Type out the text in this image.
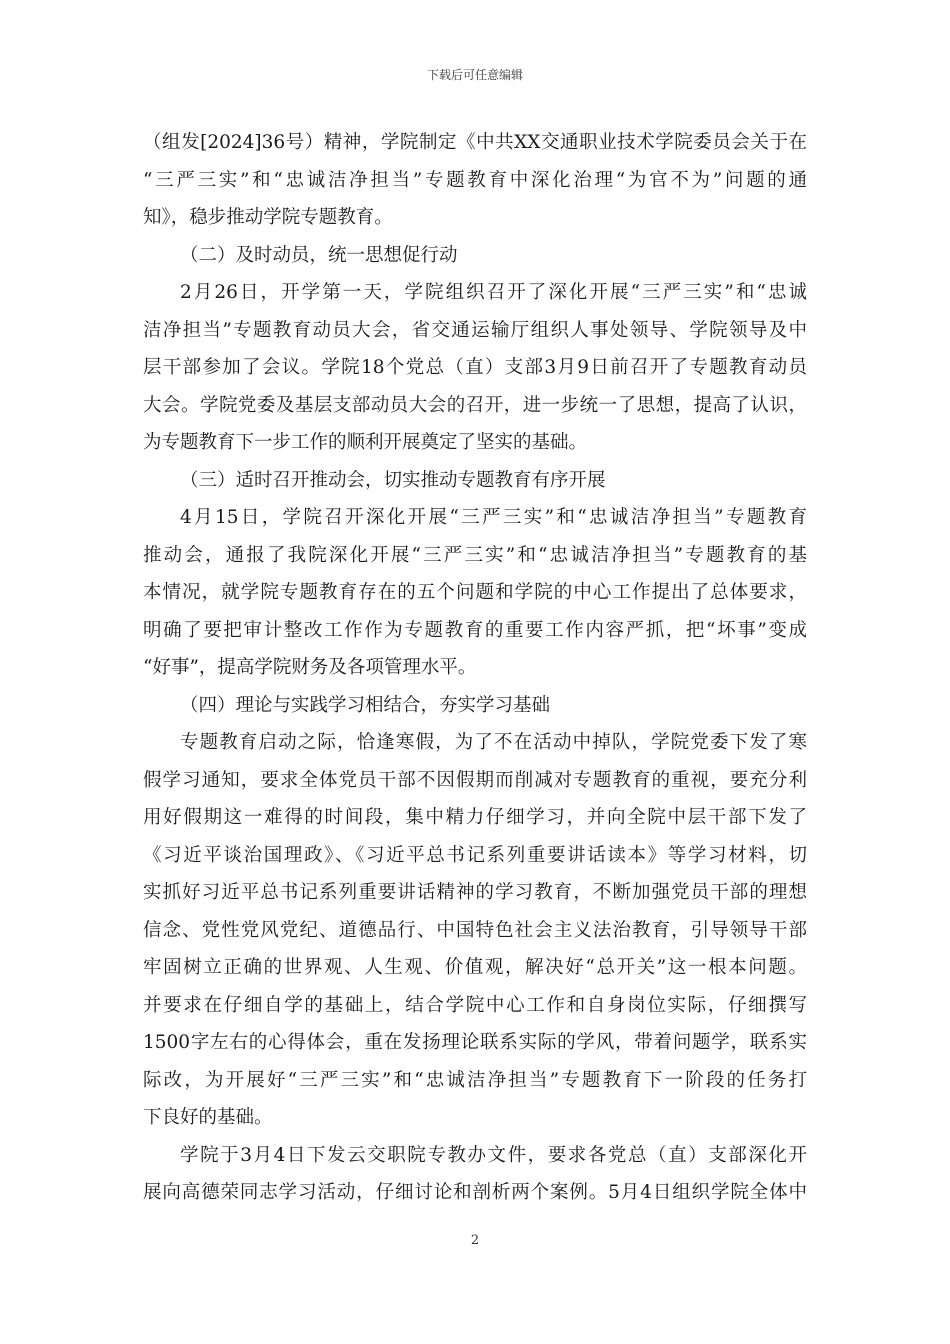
下载后可任意编辑
（组发[2024]36号）精神，学院制定《中共XX交通职业技术学院委员会关于在
“三严三实”和“忠诚洁净担当”专题教育中深化治理“为官不为”问题的通
知》，稳步推动学院专题教育。
（二）及时动员，统一思想促行动
2月26日，开学第一天，学院组织召开了深化开展“三严三实”和“忠诚
洁净担当”专题教育动员大会，省交通运输厅组织人事处领导、学院领导及中
层干部参加了会议。学院18个党总（直）支部3月9日前召开了专题教育动员
大会。学院党委及基层支部动员大会的召开，进一步统一了思想，提高了认识，
为专题教育下一步工作的顺利开展奠定了坚实的基础。
（三）适时召开推动会，切实推动专题教育有序开展
4月15日，学院召开深化开展“三严三实”和“忠诚洁净担当”专题教育
推动会，通报了我院深化开展“三严三实”和“忠诚洁净担当”专题教育的基
本情况，就学院专题教育存在的五个问题和学院的中心工作提出了总体要求，
明确了要把审计整改工作作为专题教育的重要工作内容严抓，把“坏事”变成
“好事”，提高学院财务及各项管理水平。
（四）理论与实践学习相结合，夯实学习基础
专题教育启动之际，恰逢寒假，为了不在活动中掉队，学院党委下发了寒
假学习通知，要求全体党员干部不因假期而削减对专题教育的重视，要充分利
用好假期这一难得的时间段，集中精力仔细学习，并向全院中层干部下发了
《习近平谈治国理政》、《习近平总书记系列重要讲话读本》等学习材料，切
实抓好习近平总书记系列重要讲话精神的学习教育，不断加强党员干部的理想
信念、党性党风党纪、道德品行、中国特色社会主义法治教育，引导领导干部
牢固树立正确的世界观、人生观、价值观，解决好“总开关”这一根本问题。
并要求在仔细自学的基础上，结合学院中心工作和自身岗位实际，仔细撰写
1500字左右的心得体会，重在发扬理论联系实际的学风，带着问题学，联系实
际改，为开展好“三严三实”和“忠诚洁净担当”专题教育下一阶段的任务打
下良好的基础。
学院于3月4日下发云交职院专教办文件，要求各党总（直）支部深化开
展向高德荣同志学习活动，仔细讨论和剖析两个案例。5月4日组织学院全体中
2
